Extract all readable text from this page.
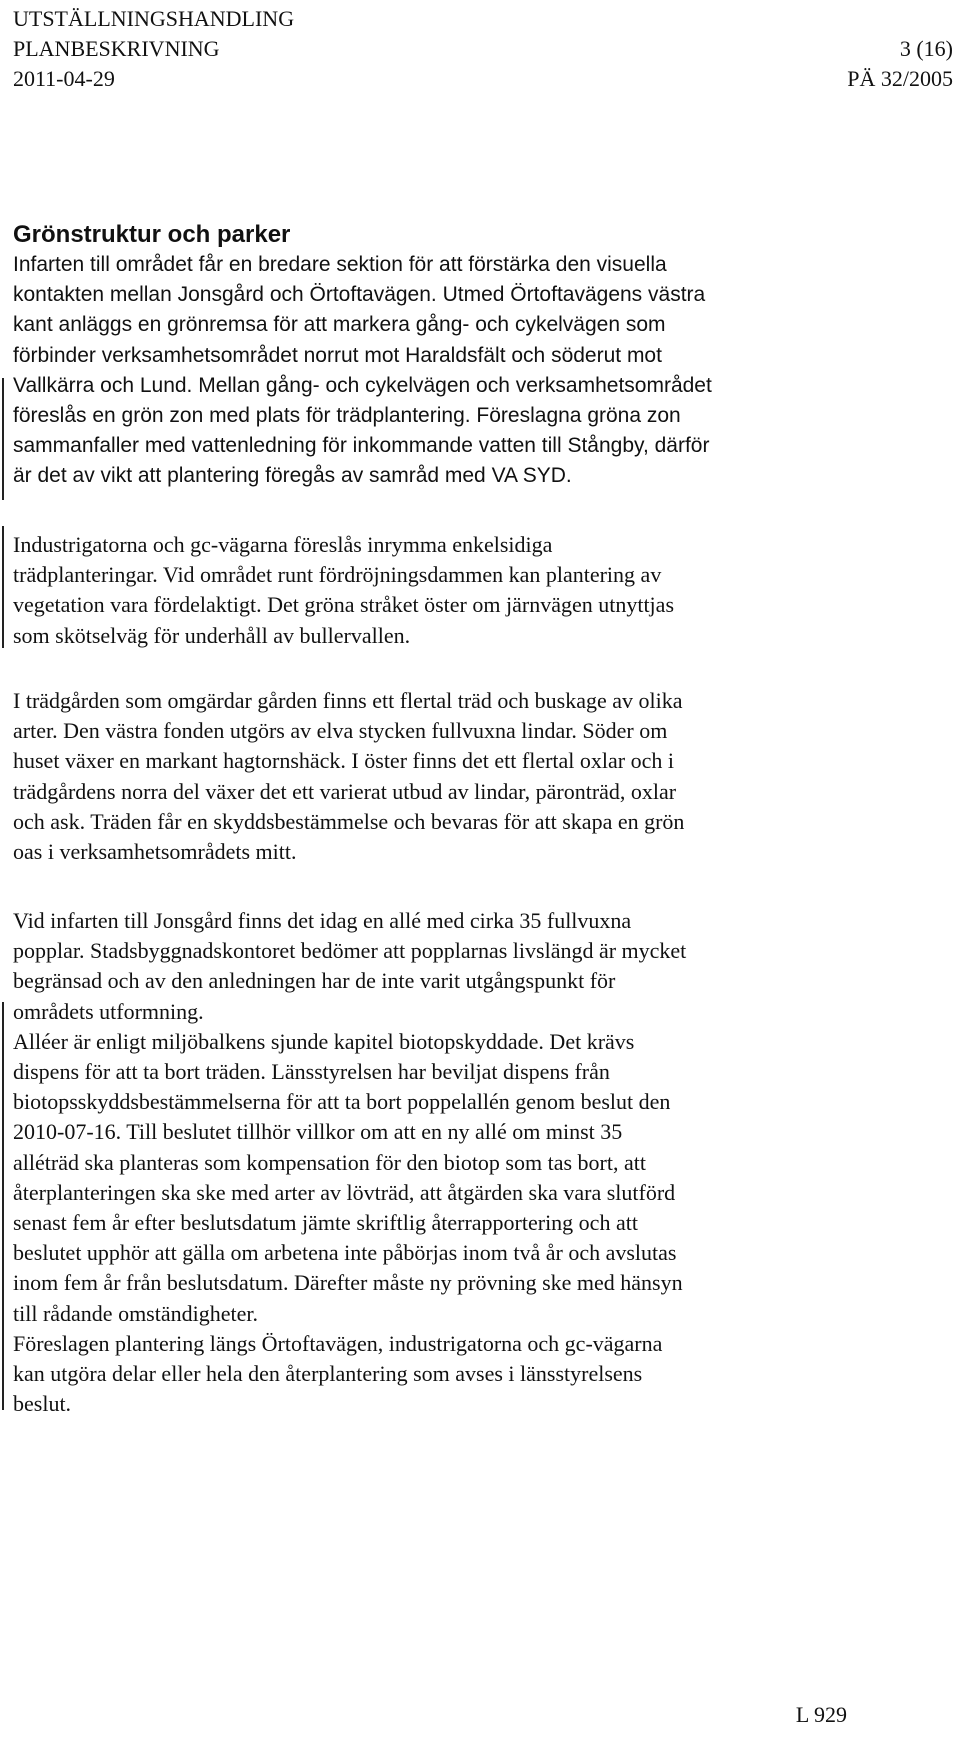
UTSTÄLLNINGSHANDLING
PLANBESKRIVNING	3 (16)
2011-04-29	PÄ 32/2005
Grönstruktur och parker

Infarten till området får en bredare sektion för att förstärka den visuella
kontakten mellan Jonsgård och Örtoftavägen. Utmed Örtoftavägens västra
kant anläggs en grönremsa för att markera gång- och cykelvägen som
förbinder verksamhetsområdet norrut mot Haraldsfält och söderut mot
Vallkärra och Lund. Mellan gång- och cykelvägen och verksamhetsområdet
föreslås en grön zon med plats för trädplantering. Föreslagna gröna zon
sammanfaller med vattenledning för inkommande vatten till Stångby, därför
är det av vikt att plantering föregås av samråd med VA SYD.

Industrigatorna och gc-vägarna föreslås inrymma enkelsidiga
trädplanteringar. Vid området runt fördröjningsdammen kan plantering av
vegetation vara fördelaktigt. Det gröna stråket öster om järnvägen utnyttjas
som skötselväg för underhåll av bullervallen.

I trädgården som omgärdar gården finns ett flertal träd och buskage av olika
arter. Den västra fonden utgörs av elva stycken fullvuxna lindar. Söder om
huset växer en markant hagtornshäck. I öster finns det ett flertal oxlar och i
trädgårdens norra del växer det ett varierat utbud av lindar, päronträd, oxlar
och ask. Träden får en skyddsbestämmelse och bevaras för att skapa en grön
oas i verksamhetsområdets mitt.

Vid infarten till Jonsgård finns det idag en allé med cirka 35 fullvuxna
popplar. Stadsbyggnadskontoret bedömer att popplarnas livslängd är mycket
begränsad och av den anledningen har de inte varit utgångspunkt för
områdets utformning.

Alléer är enligt miljöbalkens sjunde kapitel biotopskyddade. Det krävs
dispens för att ta bort träden. Länsstyrelsen har beviljat dispens från
biotopsskyddsbestämmelserna för att ta bort poppelallén genom beslut den
2010-07-16. Till beslutet tillhör villkor om att en ny allé om minst 35
alléträd ska planteras som kompensation för den biotop som tas bort, att
återplanteringen ska ske med arter av lövträd, att åtgärden ska vara slutförd
senast fem år efter beslutsdatum jämte skriftlig återrapportering och att
beslutet upphör att gälla om arbetena inte påbörjas inom två år och avslutas
inom fem år från beslutsdatum. Därefter måste ny prövning ske med hänsyn
till rådande omständigheter.

Föreslagen plantering längs Örtoftavägen, industrigatorna och gc-vägarna
kan utgöra delar eller hela den återplantering som avses i länsstyrelsens
beslut.

L 929
